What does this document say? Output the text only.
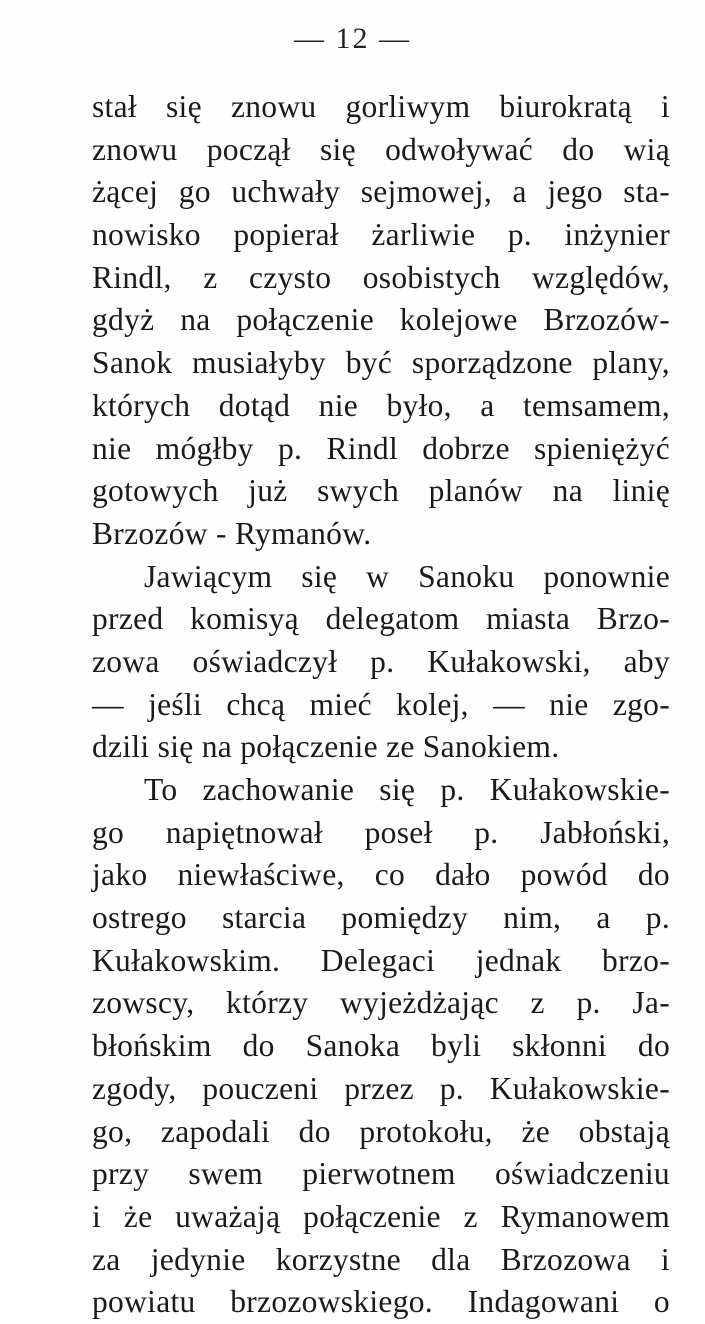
— 12 —
stał się znowu gorliwym biurokratą i
znowu począł się odwoływać do wią
żącej go uchwały sejmowej, a jego sta-
nowisko popierał żarliwie p. inżynier
Rindl, z czysto osobistych względów,
gdyż na połączenie kolejowe Brzozów-
Sanok musiałyby być sporządzone plany,
których dotąd nie było, a temsamem,
nie mógłby p. Rindl dobrze spieniężyć
gotowych już swych planów na linię
Brzozów - Rymanów.
Jawiącym się w Sanoku ponownie
przed komisyą delegatom miasta Brzo-
zowa oświadczył p. Kułakowski, aby
— jeśli chcą mieć kolej, — nie zgo-
dzili się na połączenie ze Sanokiem.
To zachowanie się p. Kułakowskie-
go napiętnował poseł p. Jabłoński,
jako niewłaściwe, co dało powód do
ostrego starcia pomiędzy nim, a p.
Kułakowskim. Delegaci jednak brzo-
zowscy, którzy wyjeżdżając z p. Ja-
błońskim do Sanoka byli skłonni do
zgody, pouczeni przez p. Kułakowskie-
go, zapodali do protokołu, że obstają
przy swem pierwotnem oświadczeniu
i że uważają połączenie z Rymanowem
za jedynie korzystne dla Brzozowa i
powiatu brzozowskiego. Indagowani o
